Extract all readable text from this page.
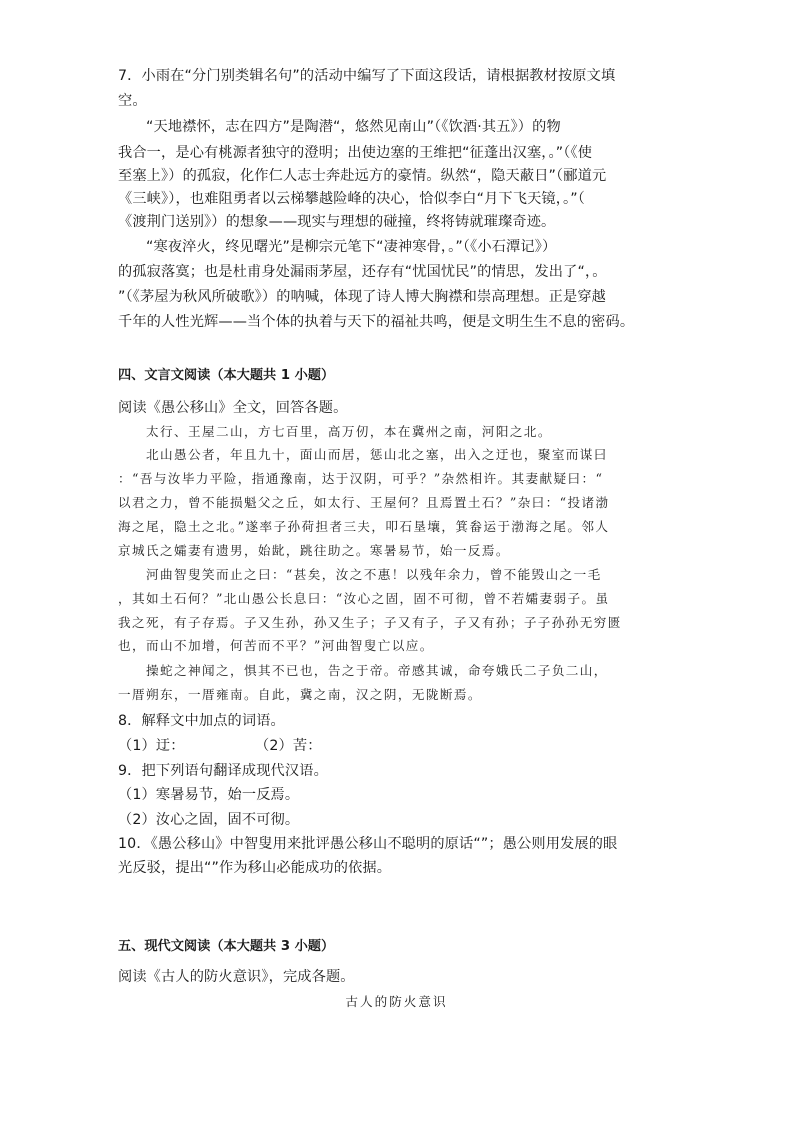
7．小雨在“分门别类辑名句”的活动中编写了下面这段话，请根据教材按原文填
空。
“天地襟怀，志在四方”是陶潜“，悠然见南山”（《饮酒·其五》）的物
我合一，是心有桃源者独守的澄明；出使边塞的王维把“征蓬出汉塞，。”（《使
至塞上》）的孤寂，化作仁人志士奔赴远方的豪情。纵然“，隐天蔽日”（郦道元
《三峡》），也难阻勇者以云梯攀越险峰的决心，恰似李白“月下飞天镜，。”（
《渡荆门送别》）的想象——现实与理想的碰撞，终将铸就璀璨奇迹。
“寒夜淬火，终见曙光”是柳宗元笔下“凄神寒骨，。”（《小石潭记》）
的孤寂落寞；也是杜甫身处漏雨茅屋，还存有“忧国忧民”的情思，发出了“，。
”（《茅屋为秋风所破歌》）的呐喊，体现了诗人博大胸襟和崇高理想。正是穿越
千年的人性光辉——当个体的执着与天下的福祉共鸣，便是文明生生不息的密码。
四、文言文阅读（本大题共 1 小题）
阅读《愚公移山》全文，回答各题。
太行、王屋二山，方七百里，高万仞，本在冀州之南，河阳之北。
北山愚公者，年且九十，面山而居，惩山北之塞，出入之迂也，聚室而谋曰
：“吾与汝毕力平险，指通豫南，达于汉阴，可乎？”杂然相许。其妻献疑曰：“
以君之力，曾不能损魁父之丘，如太行、王屋何？且焉置土石？”杂曰：“投诸渤
海之尾，隐土之北。”遂率子孙荷担者三夫，叩石垦壤，箕畚运于渤海之尾。邻人
京城氏之孀妻有遗男，始龀，跳往助之。寒暑易节，始一反焉。
河曲智叟笑而止之曰：“甚矣，汝之不惠！以残年余力，曾不能毁山之一毛
，其如土石何？”北山愚公长息曰：“汝心之固，固不可彻，曾不若孀妻弱子。虽
我之死，有子存焉。子又生孙，孙又生子；子又有子，子又有孙；子子孙孙无穷匮
也，而山不加增，何苦而不平？”河曲智叟亡以应。
操蛇之神闻之，惧其不已也，告之于帝。帝感其诚，命夸娥氏二子负二山，
一厝朔东，一厝雍南。自此，冀之南，汉之阴，无陇断焉。
8．解释文中加点的词语。
（1）迂：	（2）苦：
9．把下列语句翻译成现代汉语。
（1）寒暑易节，始一反焉。
（2）汝心之固，固不可彻。
10．《愚公移山》中智叟用来批评愚公移山不聪明的原话“”；愚公则用发展的眼
光反驳，提出“”作为移山必能成功的依据。
五、现代文阅读（本大题共 3 小题）
阅读《古人的防火意识》，完成各题。
古人的防火意识
